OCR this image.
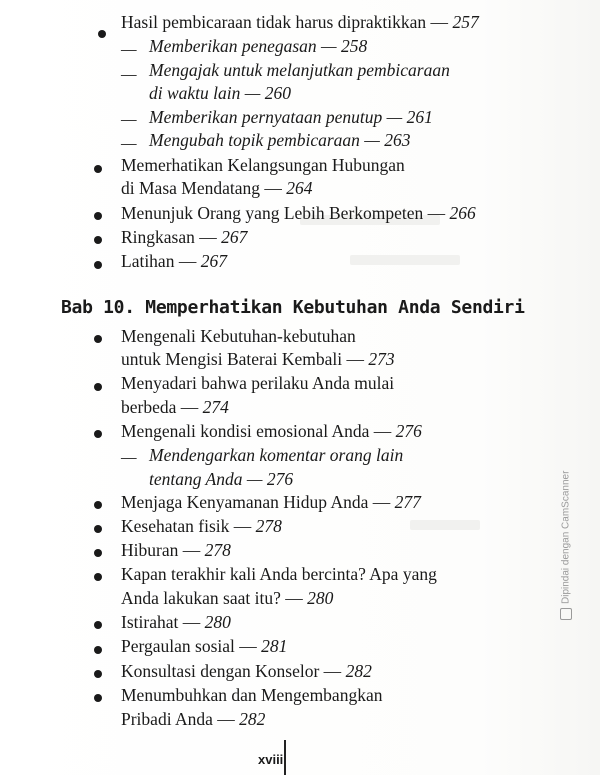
Hasil pembicaraan tidak harus dipraktikkan — 257
— Memberikan penegasan — 258
— Mengajak untuk melanjutkan pembicaraan
di waktu lain — 260
— Memberikan pernyataan penutup — 261
— Mengubah topik pembicaraan — 263
Memerhatikan Kelangsungan Hubungan
di Masa Mendatang — 264
Menunjuk Orang yang Lebih Berkompeten — 266
Ringkasan — 267
Latihan — 267
Bab 10. Memperhatikan Kebutuhan Anda Sendiri
Mengenali Kebutuhan-kebutuhan
untuk Mengisi Baterai Kembali — 273
Menyadari bahwa perilaku Anda mulai
berbeda — 274
Mengenali kondisi emosional Anda — 276
— Mendengarkan komentar orang lain
tentang Anda — 276
Menjaga Kenyamanan Hidup Anda — 277
Kesehatan fisik — 278
Hiburan — 278
Kapan terakhir kali Anda bercinta? Apa yang
Anda lakukan saat itu? — 280
Istirahat — 280
Pergaulan sosial — 281
Konsultasi dengan Konselor — 282
Menumbuhkan dan Mengembangkan
Pribadi Anda — 282
xviii
Dipindai dengan CamScanner
